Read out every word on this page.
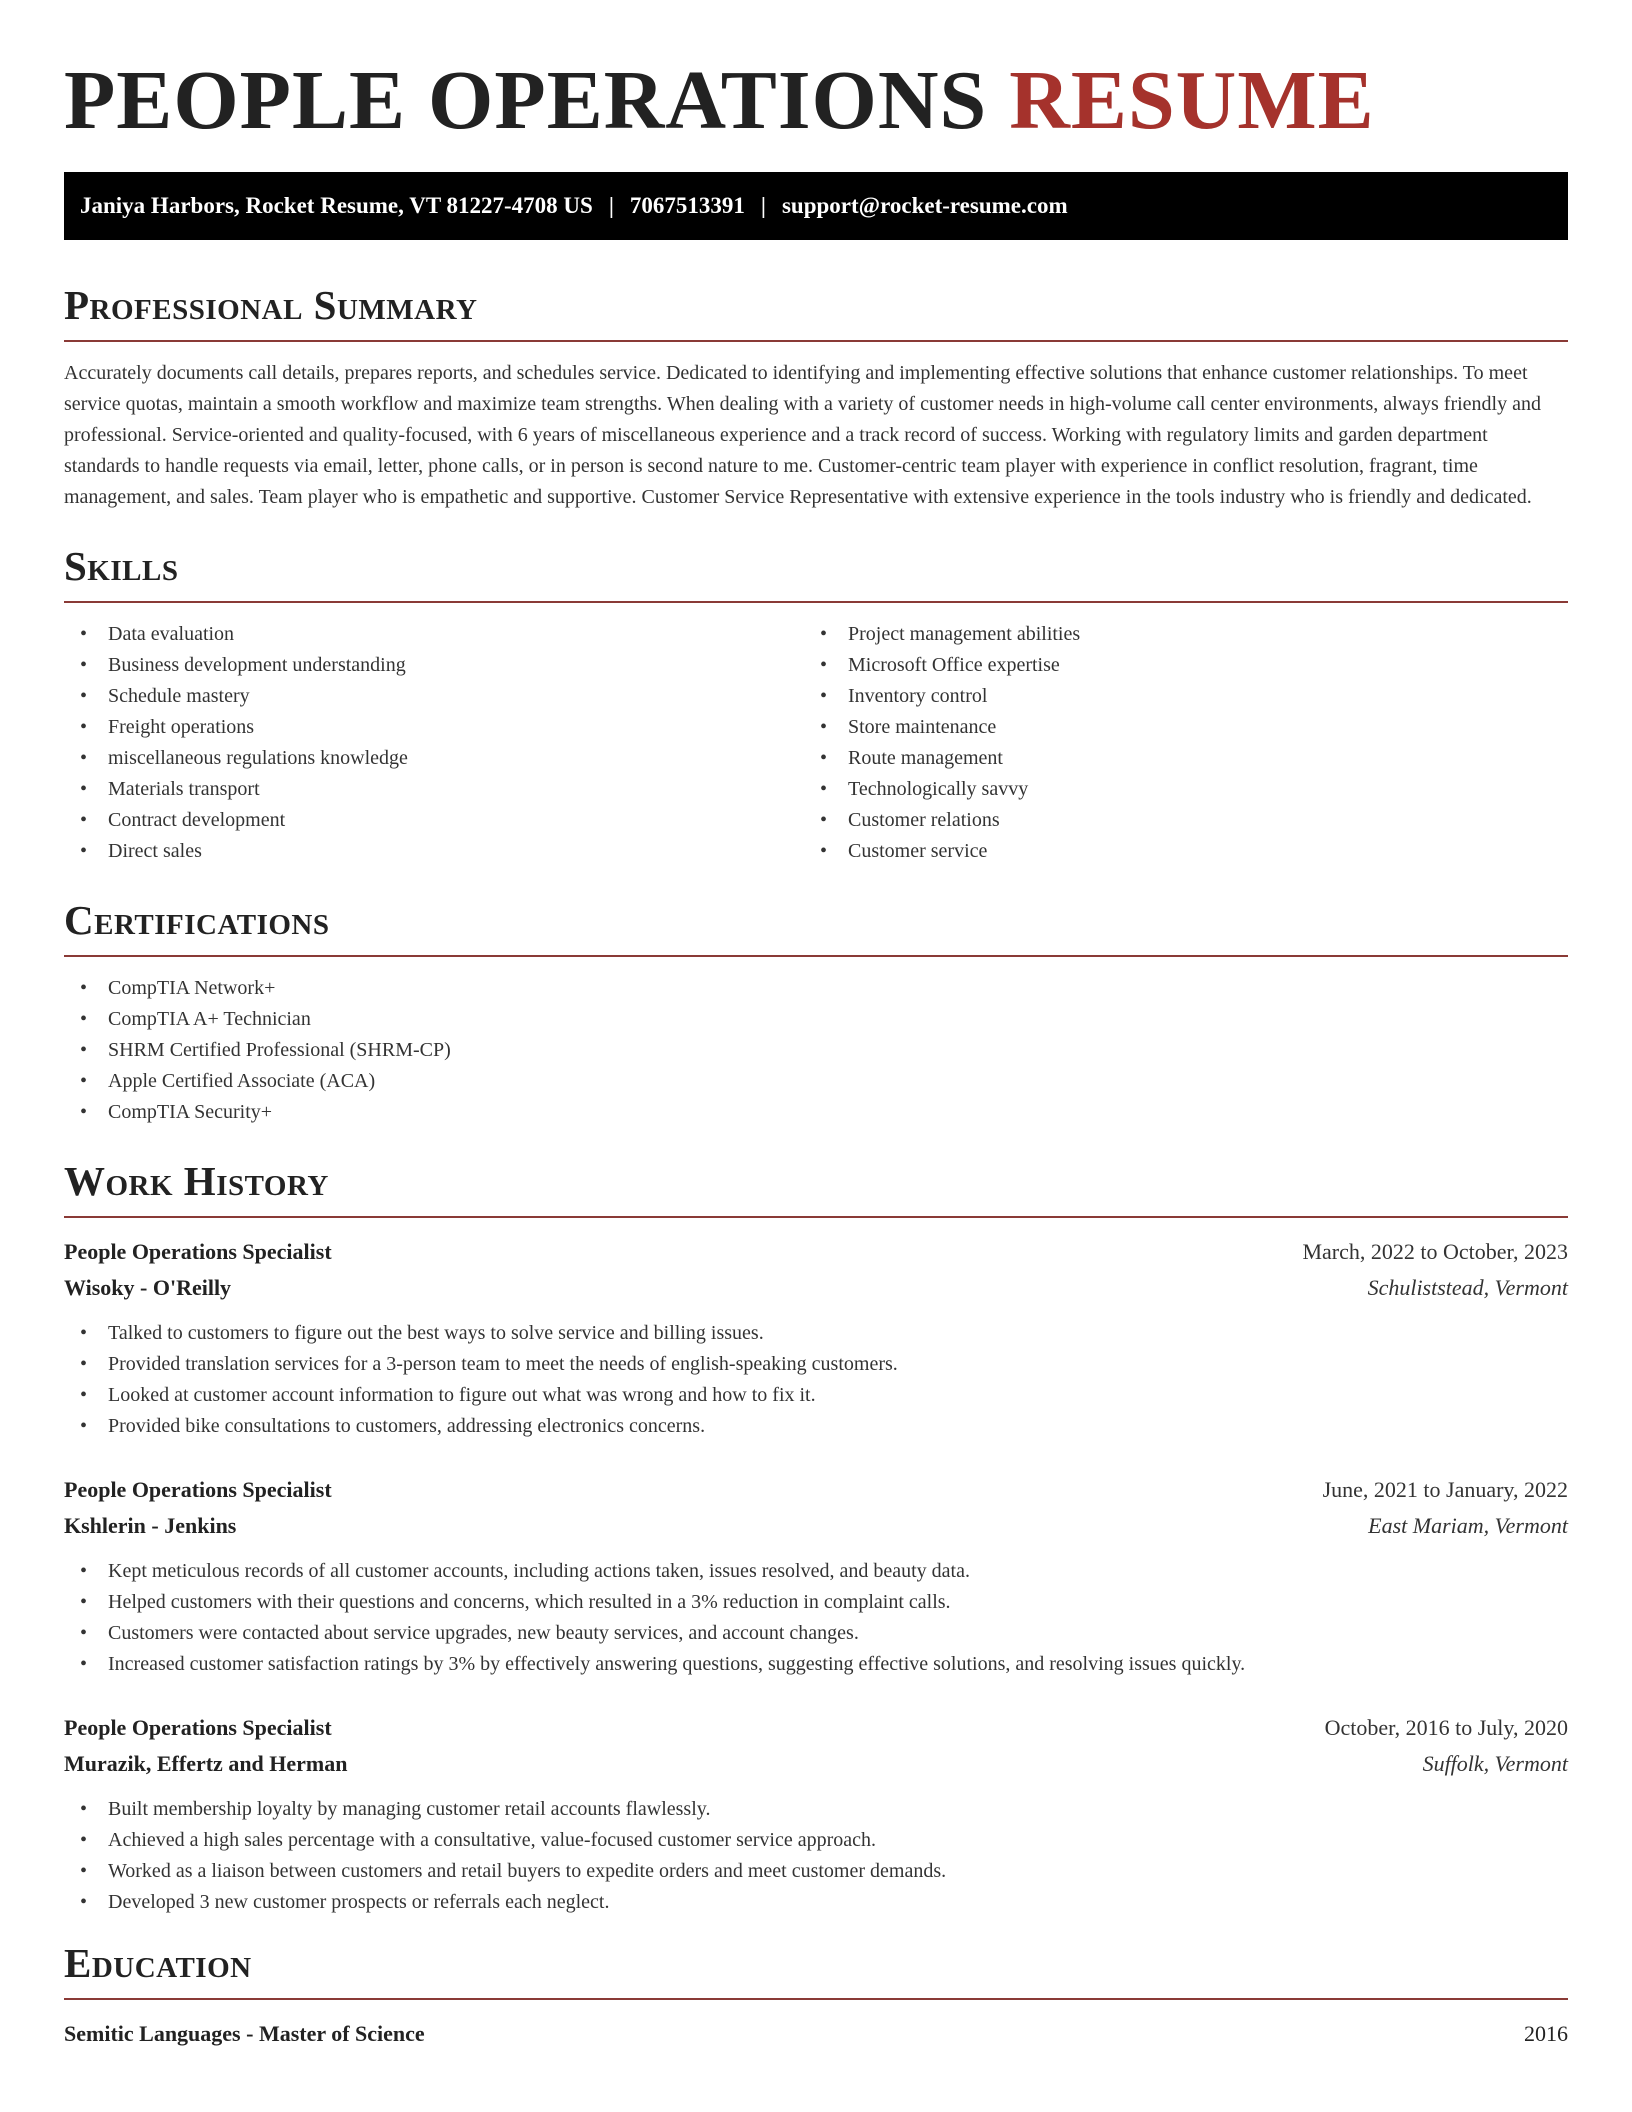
PEOPLE OPERATIONS RESUME
Janiya Harbors, Rocket Resume, VT 81227-4708 US | 7067513391 | support@rocket-resume.com
Professional Summary

Accurately documents call details, prepares reports, and schedules service. Dedicated to identifying and implementing effective solutions that enhance customer relationships. To meet service quotas, maintain a smooth workflow and maximize team strengths. When dealing with a variety of customer needs in high-volume call center environments, always friendly and professional. Service-oriented and quality-focused, with 6 years of miscellaneous experience and a track record of success. Working with regulatory limits and garden department standards to handle requests via email, letter, phone calls, or in person is second nature to me. Customer-centric team player with experience in conflict resolution, fragrant, time management, and sales. Team player who is empathetic and supportive. Customer Service Representative with extensive experience in the tools industry who is friendly and dedicated.

Skills
• Data evaluation
• Business development understanding
• Schedule mastery
• Freight operations
• miscellaneous regulations knowledge
• Materials transport
• Contract development
• Direct sales
• Project management abilities
• Microsoft Office expertise
• Inventory control
• Store maintenance
• Route management
• Technologically savvy
• Customer relations
• Customer service
Certifications
• CompTIA Network+
• CompTIA A+ Technician
• SHRM Certified Professional (SHRM-CP)
• Apple Certified Associate (ACA)
• CompTIA Security+
Work History
People Operations Specialist	March, 2022 to October, 2023
Wisoky - O'Reilly	Schuliststead, Vermont
• Talked to customers to figure out the best ways to solve service and billing issues.
• Provided translation services for a 3-person team to meet the needs of english-speaking customers.
• Looked at customer account information to figure out what was wrong and how to fix it.
• Provided bike consultations to customers, addressing electronics concerns.
People Operations Specialist	June, 2021 to January, 2022
Kshlerin - Jenkins	East Mariam, Vermont
• Kept meticulous records of all customer accounts, including actions taken, issues resolved, and beauty data.
• Helped customers with their questions and concerns, which resulted in a 3% reduction in complaint calls.
• Customers were contacted about service upgrades, new beauty services, and account changes.
• Increased customer satisfaction ratings by 3% by effectively answering questions, suggesting effective solutions, and resolving issues quickly.
People Operations Specialist	October, 2016 to July, 2020
Murazik, Effertz and Herman	Suffolk, Vermont
• Built membership loyalty by managing customer retail accounts flawlessly.
• Achieved a high sales percentage with a consultative, value-focused customer service approach.
• Worked as a liaison between customers and retail buyers to expedite orders and meet customer demands.
• Developed 3 new customer prospects or referrals each neglect.
Education
Semitic Languages - Master of Science	2016
